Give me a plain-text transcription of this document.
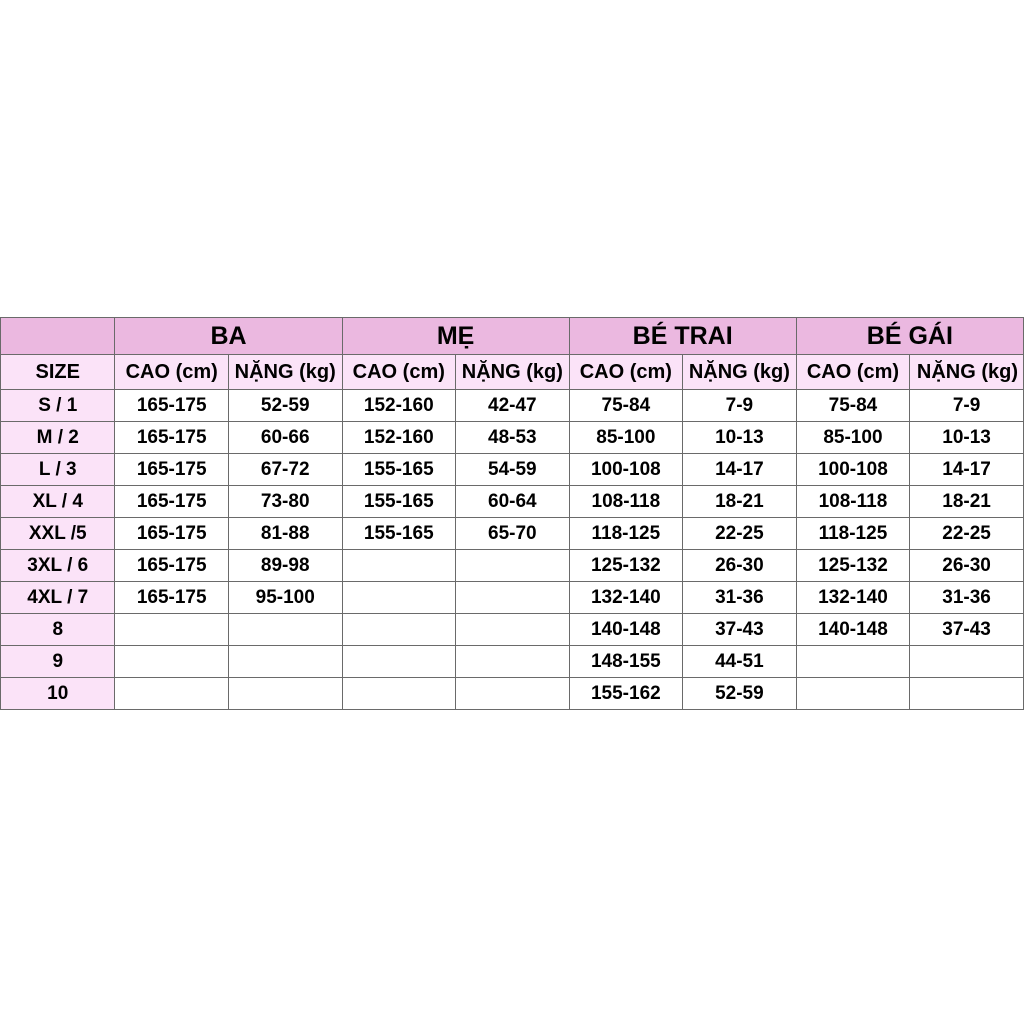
	BA		MẸ		BÉ TRAI		BÉ GÁI	
SIZE	CAO (cm)	NẶNG (kg)	CAO (cm)	NẶNG (kg)	CAO (cm)	NẶNG (kg)	CAO (cm)	NẶNG (kg)
S / 1	165-175	52-59	152-160	42-47	75-84	7-9	75-84	7-9
M / 2	165-175	60-66	152-160	48-53	85-100	10-13	85-100	10-13
L / 3	165-175	67-72	155-165	54-59	100-108	14-17	100-108	14-17
XL / 4	165-175	73-80	155-165	60-64	108-118	18-21	108-118	18-21
XXL /5	165-175	81-88	155-165	65-70	118-125	22-25	118-125	22-25
3XL / 6	165-175	89-98			125-132	26-30	125-132	26-30
4XL / 7	165-175	95-100			132-140	31-36	132-140	31-36
8					140-148	37-43	140-148	37-43
9					148-155	44-51		
10					155-162	52-59		
